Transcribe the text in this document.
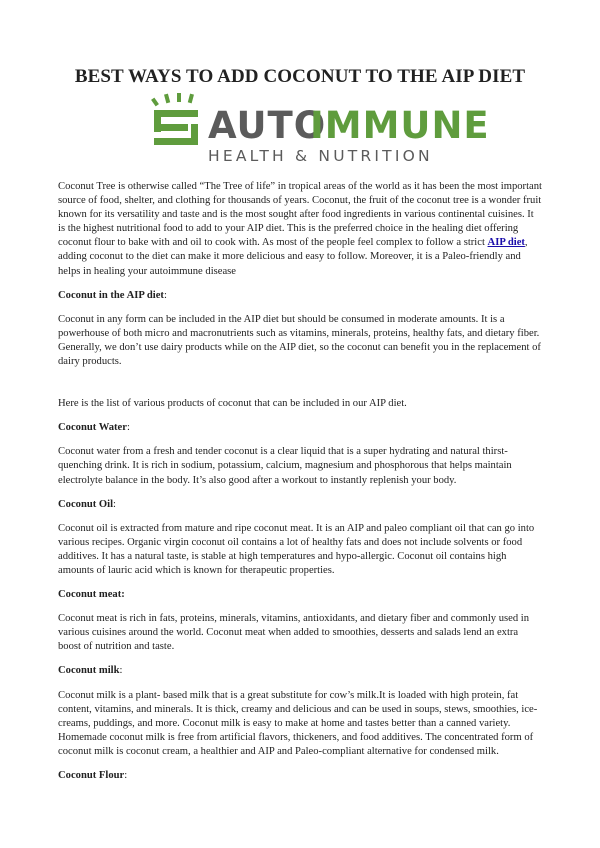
BEST WAYS TO ADD COCONUT TO THE AIP DIET
AUTO
IMMUNE
HEALTH & NUTRITION

Coconut Tree is otherwise called “The Tree of life” in tropical areas of the world as it has been the most important source of food, shelter, and clothing for thousands of years. Coconut, the fruit of the coconut tree is a wonder fruit known for its versatility and taste and is the most sought after food ingredients in various continental cuisines. It is the highest nutritional food to add to your AIP diet. This is the preferred choice in the healing diet offering coconut flour to bake with and oil to cook with. As most of the people feel complex to follow a strict AIP diet, adding coconut to the diet can make it more delicious and easy to follow. Moreover, it is a Paleo-friendly and helps in healing your autoimmune disease

Coconut in the AIP diet:

Coconut in any form can be included in the AIP diet but should be consumed in moderate amounts. It is a powerhouse of both micro and macronutrients such as vitamins, minerals, proteins, healthy fats, and dietary fiber. Generally, we don’t use dairy products while on the AIP diet, so the coconut can benefit you in the replacement of dairy products.

Here is the list of various products of coconut that can be included in our AIP diet.

Coconut Water:

Coconut water from a fresh and tender coconut is a clear liquid that is a super hydrating and natural thirst-quenching drink. It is rich in sodium, potassium, calcium, magnesium and phosphorous that helps maintain electrolyte balance in the body. It’s also good after a workout to instantly replenish your body.

Coconut Oil:

Coconut oil is extracted from mature and ripe coconut meat. It is an AIP and paleo compliant oil that can go into various recipes. Organic virgin coconut oil contains a lot of healthy fats and does not include solvents or food additives. It has a natural taste, is stable at high temperatures and hypo-allergic. Coconut oil contains high amounts of lauric acid which is known for therapeutic properties.

Coconut meat:

Coconut meat is rich in fats, proteins, minerals, vitamins, antioxidants, and dietary fiber and commonly used in various cuisines around the world. Coconut meat when added to smoothies, desserts and salads lend an extra boost of nutrition and taste.

Coconut milk:

Coconut milk is a plant- based milk that is a great substitute for cow’s milk.It is loaded with high protein, fat content, vitamins, and minerals. It is thick, creamy and delicious and can be used in soups, stews, smoothies, ice-creams, puddings, and more. Coconut milk is easy to make at home and tastes better than a canned variety. Homemade coconut milk is free from artificial flavors, thickeners, and food additives. The concentrated form of coconut milk is coconut cream, a healthier and AIP and Paleo-compliant alternative for condensed milk.

Coconut Flour:
